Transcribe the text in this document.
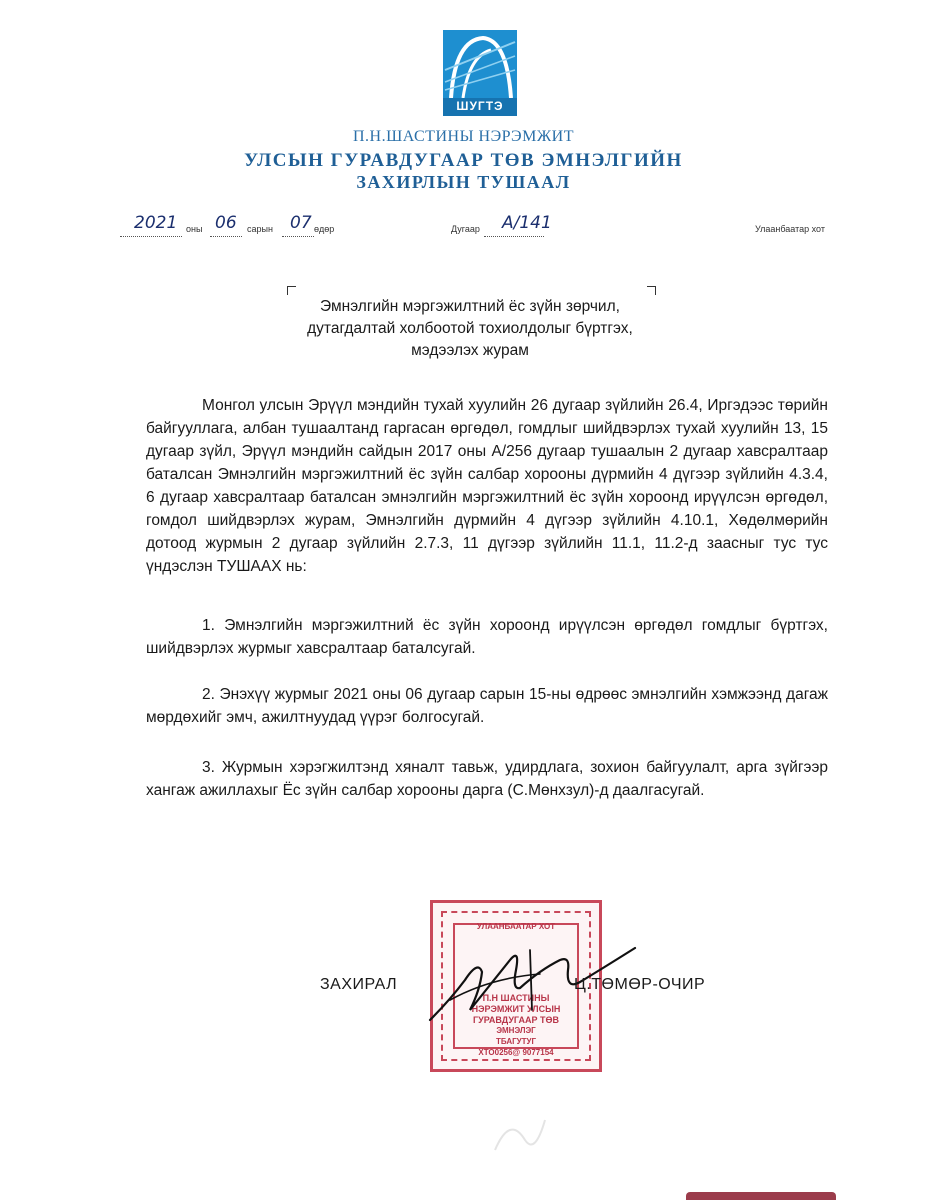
ШУГТЭ
П.Н.ШАСТИНЫ НЭРЭМЖИТ
УЛСЫН ГУРАВДУГААР ТӨВ ЭМНЭЛГИЙН
ЗАХИРЛЫН ТУШААЛ
2021 оны 06 сарын 07 өдөр	Дугаар А/141	Улаанбаатар хот
Эмнэлгийн мэргэжилтний ёс зүйн зөрчил,
дутагдалтай холбоотой тохиолдолыг бүртгэх,
мэдээлэх журам
Монгол улсын Эрүүл мэндийн тухай хуулийн 26 дугаар зүйлийн 26.4, Иргэдээс төрийн байгууллага, албан тушаалтанд гаргасан өргөдөл, гомдлыг шийдвэрлэх тухай хуулийн 13, 15 дугаар зүйл, Эрүүл мэндийн сайдын 2017 оны А/256 дугаар тушаалын 2 дугаар хавсралтаар баталсан Эмнэлгийн мэргэжилтний ёс зүйн салбар хорооны дүрмийн 4 дүгээр зүйлийн 4.3.4, 6 дугаар хавсралтаар баталсан эмнэлгийн мэргэжилтний ёс зүйн хороонд ирүүлсэн өргөдөл, гомдол шийдвэрлэх журам, Эмнэлгийн дүрмийн 4 дүгээр зүйлийн 4.10.1, Хөдөлмөрийн дотоод журмын 2 дугаар зүйлийн 2.7.3, 11 дүгээр зүйлийн 11.1, 11.2-д заасныг тус тус үндэслэн ТУШААХ нь:
1. Эмнэлгийн мэргэжилтний ёс зүйн хороонд ирүүлсэн өргөдөл гомдлыг бүртгэх, шийдвэрлэх журмыг хавсралтаар баталсугай.
2. Энэхүү журмыг 2021 оны 06 дугаар сарын 15-ны өдрөөс эмнэлгийн хэмжээнд дагаж мөрдөхийг эмч, ажилтнуудад үүрэг болгосугай.
3. Журмын хэрэгжилтэнд хяналт тавьж, удирдлага, зохион байгуулалт, арга зүйгээр хангаж ажиллахыг Ёс зүйн салбар хорооны дарга (С.Мөнхзул)-д даалгасугай.
УЛААНБААТАР ХОТ
П.Н ШАСТИНЫ
НЭРЭМЖИТ УЛСЫН
ГУРАВДУГААР ТӨВ
ЭМНЭЛЭГ
ТБАГУТУГ
ХТО0256@ 9077154
ЗАХИРАЛ	Ц.ТӨМӨР-ОЧИР
